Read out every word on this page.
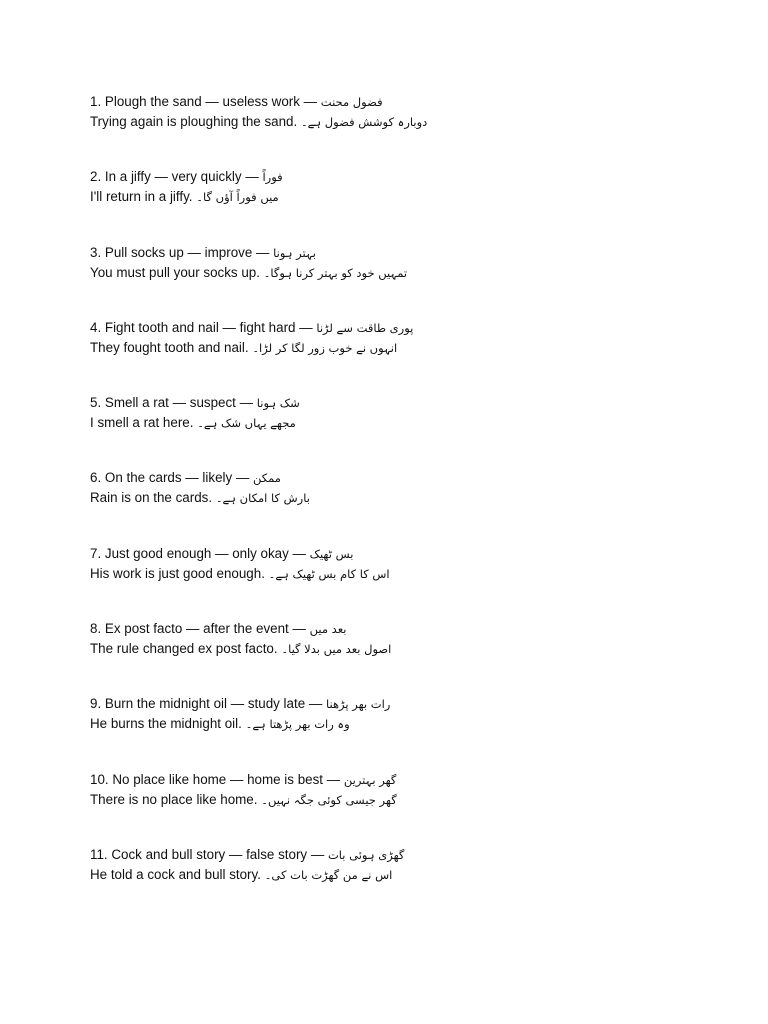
1. Plough the sand — useless work — فضول محنت
Trying again is ploughing the sand. دوبارہ کوشش فضول ہے۔
2. In a jiffy — very quickly — فوراً
I'll return in a jiffy. میں فوراً آؤں گا۔
3. Pull socks up — improve — بہتر ہونا
You must pull your socks up. تمہیں خود کو بہتر کرنا ہوگا۔
4. Fight tooth and nail — fight hard — پوری طاقت سے لڑنا
They fought tooth and nail. انہوں نے خوب زور لگا کر لڑا۔
5. Smell a rat — suspect — شک ہونا
I smell a rat here. مجھے یہاں شک ہے۔
6. On the cards — likely — ممکن
Rain is on the cards. بارش کا امکان ہے۔
7. Just good enough — only okay — بس ٹھیک
His work is just good enough. اس کا کام بس ٹھیک ہے۔
8. Ex post facto — after the event — بعد میں
The rule changed ex post facto. اصول بعد میں بدلا گیا۔
9. Burn the midnight oil — study late — رات بھر پڑھنا
He burns the midnight oil. وہ رات بھر پڑھتا ہے۔
10. No place like home — home is best — گھر بہترین
There is no place like home. گھر جیسی کوئی جگہ نہیں۔
11. Cock and bull story — false story — گھڑی ہوئی بات
He told a cock and bull story. اس نے من گھڑت بات کی۔
